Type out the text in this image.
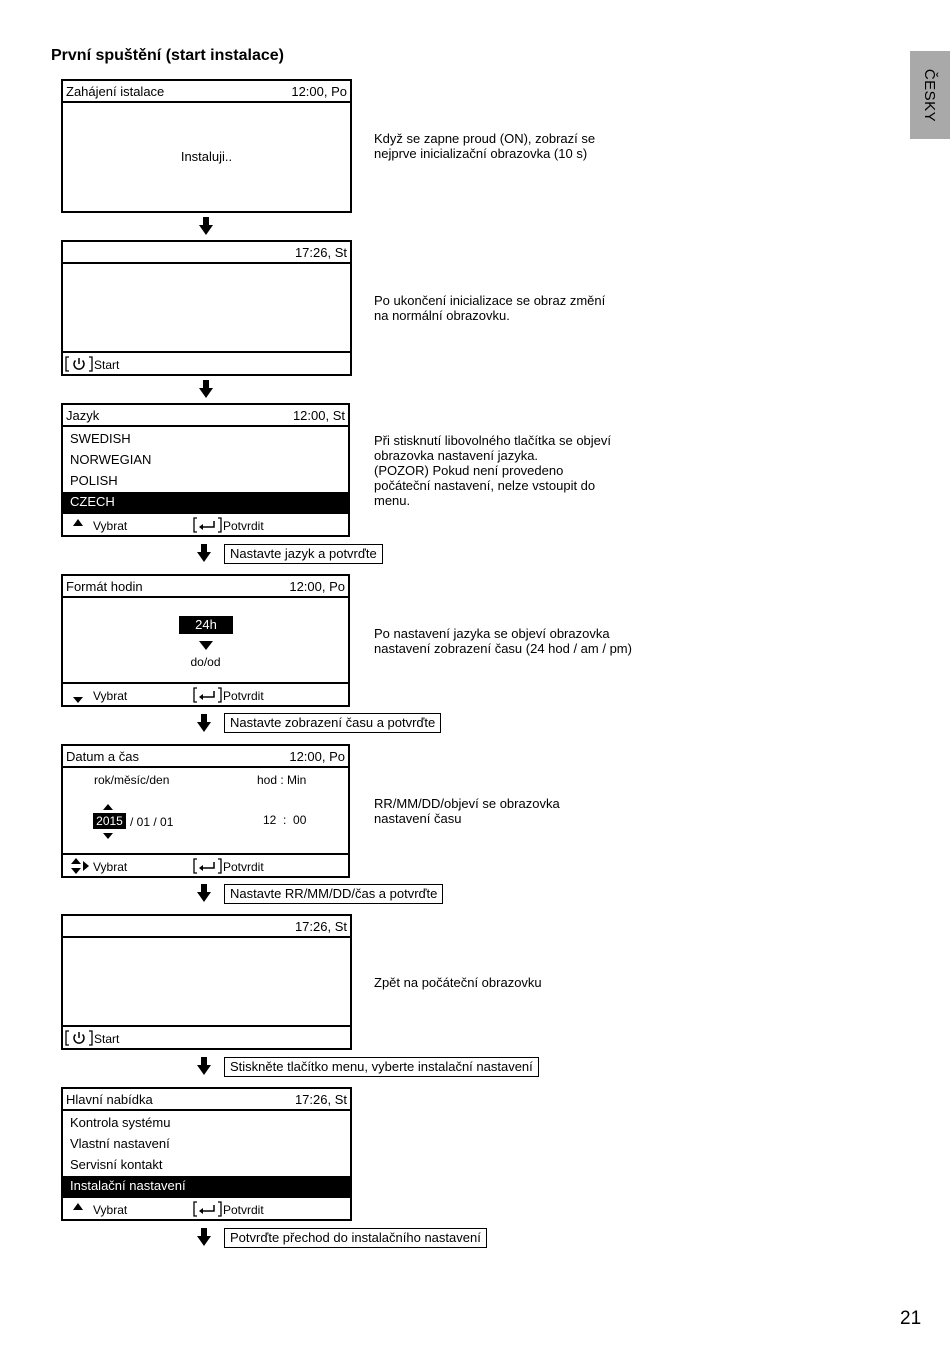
První spuštění (start instalace)
ČESKY
Zahájení istalace	12:00, Po
Instaluji..
Když se zapne proud (ON), zobrazí se
nejprve inicializační obrazovka (10 s)
17:26, St
Start
Po ukončení inicializace se obraz změní
na normální obrazovku.
Jazyk	12:00, St
SWEDISH
NORWEGIAN
POLISH
CZECH
Vybrat	Potvrdit
Při stisknutí libovolného tlačítka se objeví
obrazovka nastavení jazyka.
(POZOR) Pokud není provedeno
počáteční nastavení, nelze vstoupit do
menu.
Nastavte jazyk a potvrďte
Formát hodin	12:00, Po
24h
do/od
Vybrat	Potvrdit
Po nastavení jazyka se objeví obrazovka
nastavení zobrazení času (24 hod / am / pm)
Nastavte zobrazení času a potvrďte
Datum a čas	12:00, Po
rok/měsíc/den	hod : Min
2015 / 01 / 01	12  :  00
Vybrat	Potvrdit
RR/MM/DD/objeví se obrazovka
nastavení času
Nastavte RR/MM/DD/čas a potvrďte
17:26, St
Start
Zpět na počáteční obrazovku
Stiskněte tlačítko menu, vyberte instalační nastavení
Hlavní nabídka	17:26, St
Kontrola systému
Vlastní nastavení
Servisní kontakt
Instalační nastavení
Vybrat	Potvrdit
Potvrďte přechod do instalačního nastavení
21
